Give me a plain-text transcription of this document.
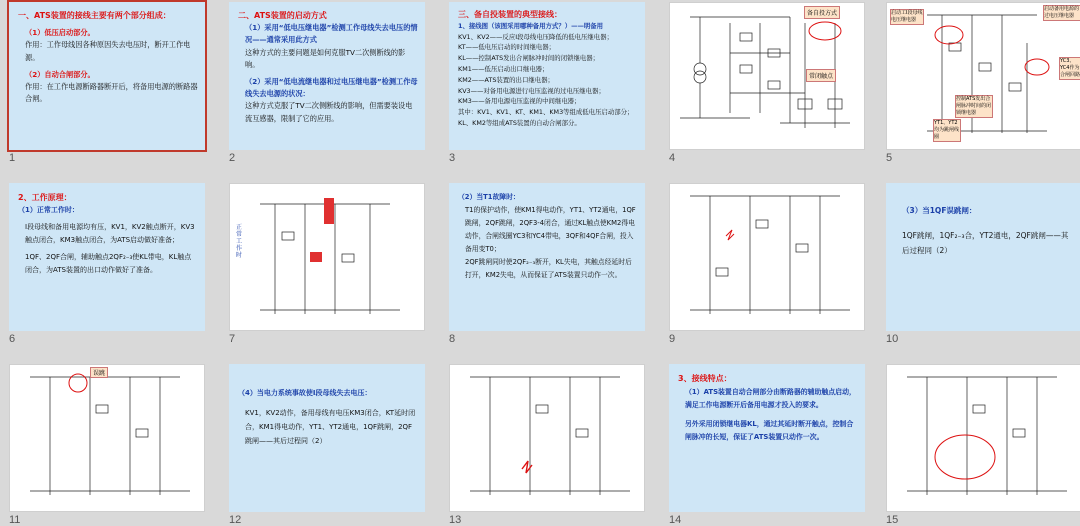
一、ATS装置的接线主要有两个部分组成：
（1）低压启动部分。
作用：工作母线因各种原因失去电压时，断开工作电源。
（2）自动合闸部分。
作用：在工作电源断路器断开后，将备用电源的断路器合闸。
1
二、ATS装置的启动方式
（1）采用“低电压继电器”检测工作母线失去电压的情况——通常采用此方式
这种方式的主要问题是如何克服TV二次侧断线的影响。
（2）采用“低电流继电器和过电压继电器”检测工作母线失去电源的状况：
这种方式克服了TV二次侧断线的影响，但需要装设电流互感器，限制了它的应用。
2
三、备自投装置的典型接线：
1、接线图（该图采用哪种备用方式？）——明备用
KV1、KV2——反应Ⅰ段母线电压降低的低电压继电器；
KT——低电压启动的时间继电器；
KL——控制ATS发出合闸脉冲时间的闭锁继电器；
KM1——低压启动出口继电器；
KM2——ATS装置的出口继电器；
KV3——对备用电源进行电压监视的过电压继电器；
KM3——备用电源电压监视的中间继电器；
其中：KV1、KV1、KT、KM1、KM3等组成低电压启动部分；KL、KM2等组成ATS装置的自动合闸部分。
3
备自投方式
常闭触点
4
启动工Ⅰ段母线电压继电器
启动备用电源的过电压继电器
YC3、YC4作为合闸回路
控制ATS发出合闸脉冲时间的闭锁继电器
YT1、YT2均为跳闸线圈
5
2、工作原理：
（1）正常工作时：
Ⅰ段母线和备用电源均有压，KV1，KV2触点断开，KV3触点闭合，KM3触点闭合，为ATS启动做好准备；
1QF、2QF合闸，辅助触点2QF₂₋₃使KL带电，KL触点闭合，为ATS装置的出口动作做好了准备。
6
正常工作时
7
（2）当T1故障时：
T1的保护动作，使KM1得电动作，YT1、YT2通电，1QF跳闸，2QF跳闸，2QF3-4闭合，通过KL触点使KM2得电动作，合闸线圈YC3和YC4带电，3QF和4QF合闸，投入备用变T0；
2QF跳闸同时使2QF₂₋₃断开，KL失电，其触点经延时后打开，KM2失电，从而保证了ATS装置只动作一次。
8	9
（3）当1QF误跳闸：
1QF跳闸，1QF₂₋₃合，YT2通电，2QF跳闸——其后过程同（2）
10
误跳
11
（4）当电力系统事故使Ⅰ段母线失去电压：
KV1，KV2动作，备用母线有电压KM3闭合，KT延时闭合，KM1得电动作，YT1、YT2通电，1QF跳闸，2QF跳闸——其后过程同（2）
12	13
3、接线特点：
（1）ATS装置自动合闸部分由断路器的辅助触点启动，满足工作电源断开后备用电源才投入的要求。
另外采用闭锁继电器KL，通过其延时断开触点，控制合闸脉冲的长短，保证了ATS装置只动作一次。
14	15
